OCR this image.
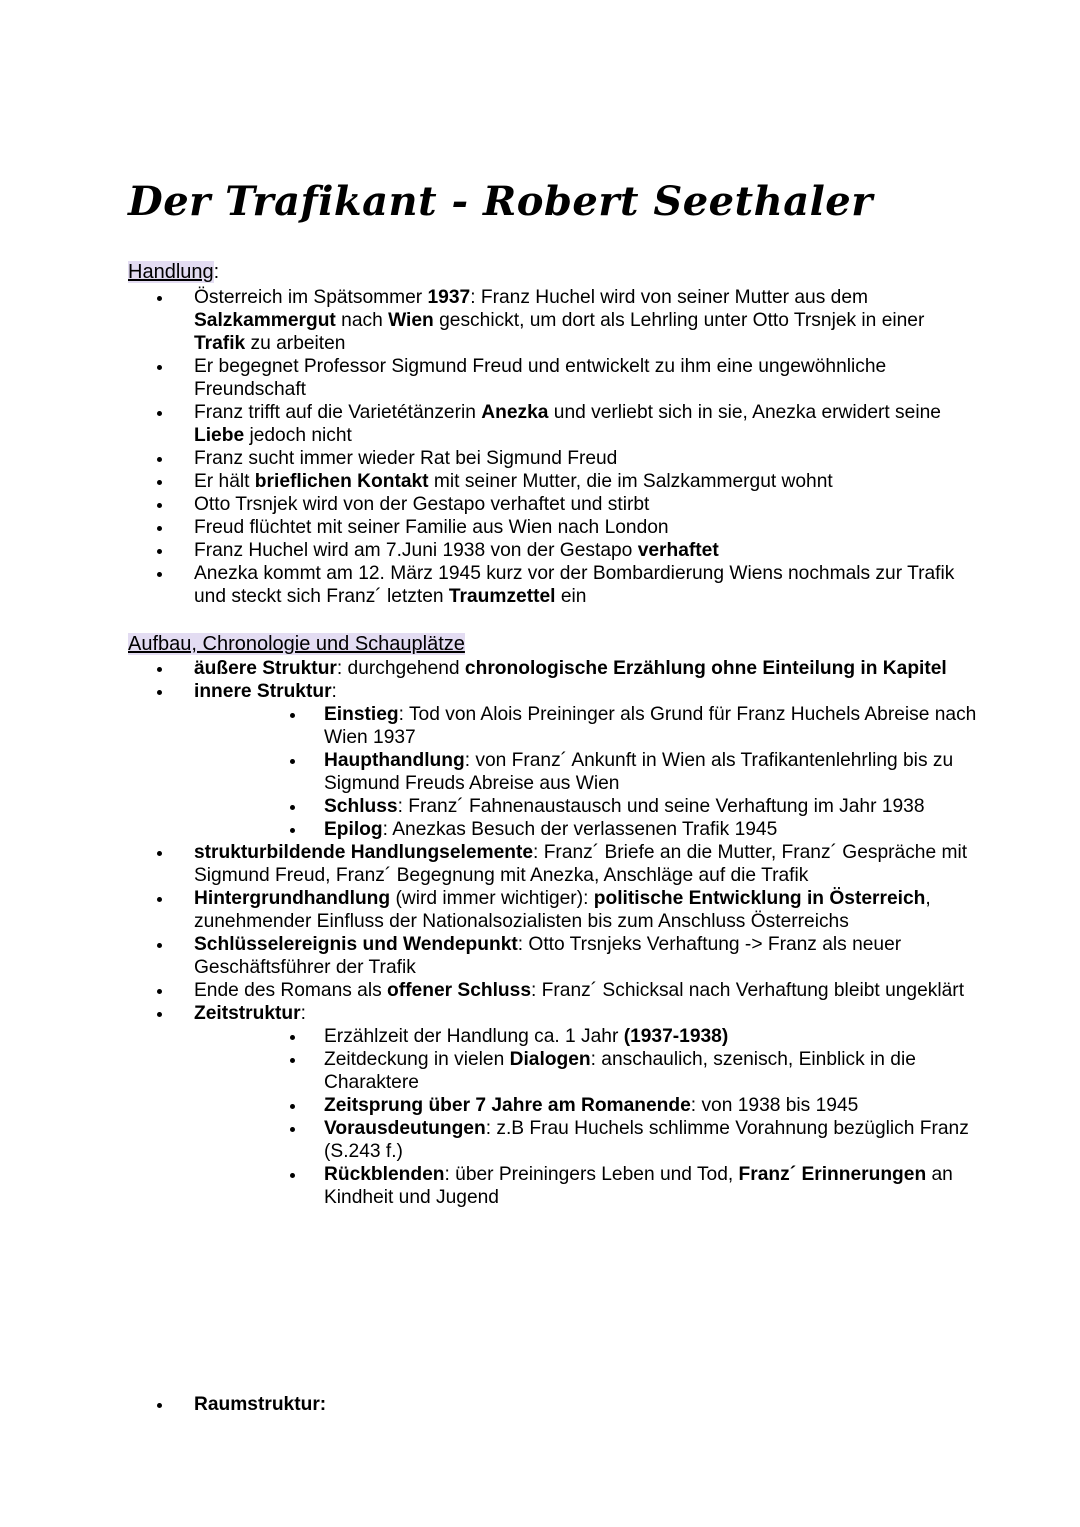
Der Trafikant - Robert Seethaler
Handlung:
Österreich im Spätsommer 1937: Franz Huchel wird von seiner Mutter aus dem Salzkammergut nach Wien geschickt, um dort als Lehrling unter Otto Trsnjek in einer Trafik zu arbeiten
Er begegnet Professor Sigmund Freud und entwickelt zu ihm eine ungewöhnliche Freundschaft
Franz trifft auf die Varietétänzerin Anezka und verliebt sich in sie, Anezka erwidert seine Liebe jedoch nicht
Franz sucht immer wieder Rat bei Sigmund Freud
Er hält brieflichen Kontakt mit seiner Mutter, die im Salzkammergut wohnt
Otto Trsnjek wird von der Gestapo verhaftet und stirbt
Freud flüchtet mit seiner Familie aus Wien nach London
Franz Huchel wird am 7.Juni 1938 von der Gestapo verhaftet
Anezka kommt am 12. März 1945 kurz vor der Bombardierung Wiens nochmals zur Trafik und steckt sich Franz´ letzten Traumzettel ein
Aufbau, Chronologie und Schauplätze
äußere Struktur: durchgehend chronologische Erzählung ohne Einteilung in Kapitel
innere Struktur:
Einstieg: Tod von Alois Preininger als Grund für Franz Huchels Abreise nach Wien 1937
Haupthandlung: von Franz´ Ankunft in Wien als Trafikantenlehrling bis zu Sigmund Freuds Abreise aus Wien
Schluss: Franz´ Fahnenaustausch und seine Verhaftung im Jahr 1938
Epilog: Anezkas Besuch der verlassenen Trafik 1945
strukturbildende Handlungselemente: Franz´ Briefe an die Mutter, Franz´ Gespräche mit Sigmund Freud, Franz´ Begegnung mit Anezka, Anschläge auf die Trafik
Hintergrundhandlung (wird immer wichtiger): politische Entwicklung in Österreich, zunehmender Einfluss der Nationalsozialisten bis zum Anschluss Österreichs
Schlüsselereignis und Wendepunkt: Otto Trsnjeks Verhaftung -> Franz als neuer Geschäftsführer der Trafik
Ende des Romans als offener Schluss: Franz´ Schicksal nach Verhaftung bleibt ungeklärt
Zeitstruktur:
Erzählzeit der Handlung ca. 1 Jahr (1937-1938)
Zeitdeckung in vielen Dialogen: anschaulich, szenisch, Einblick in die Charaktere
Zeitsprung über 7 Jahre am Romanende: von 1938 bis 1945
Vorausdeutungen: z.B Frau Huchels schlimme Vorahnung bezüglich Franz (S.243 f.)
Rückblenden: über Preiningers Leben und Tod, Franz´ Erinnerungen an Kindheit und Jugend
Raumstruktur:
